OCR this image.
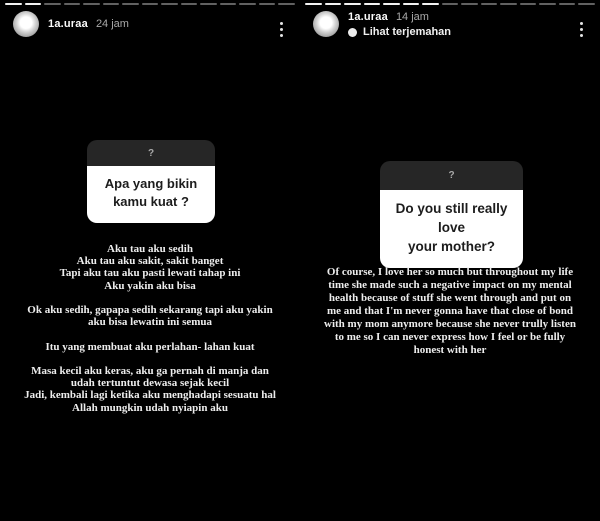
1a.uraa 24 jam
?
Apa yang bikin
kamu kuat ?
Aku tau aku sedih
Aku tau aku sakit, sakit banget
Tapi aku tau aku pasti lewati tahap ini
Aku yakin aku bisa

Ok aku sedih, gapapa sedih sekarang tapi aku yakin
aku bisa lewatin ini semua

Itu yang membuat aku perlahan- lahan kuat

Masa kecil aku keras, aku ga pernah di manja dan
udah tertuntut dewasa sejak kecil
Jadi, kembali lagi ketika aku menghadapi sesuatu hal
Allah mungkin udah nyiapin aku
1a.uraa 14 jam
Lihat terjemahan
?
Do you still really love
your mother?
Of course, I love her so much but throughout my life
time she made such a negative impact on my mental
health because of stuff she went through and put on
me and that I'm never gonna have that close of bond
with my mom anymore because she never trully listen
to me so I can never express how I feel or be fully
honest with her
